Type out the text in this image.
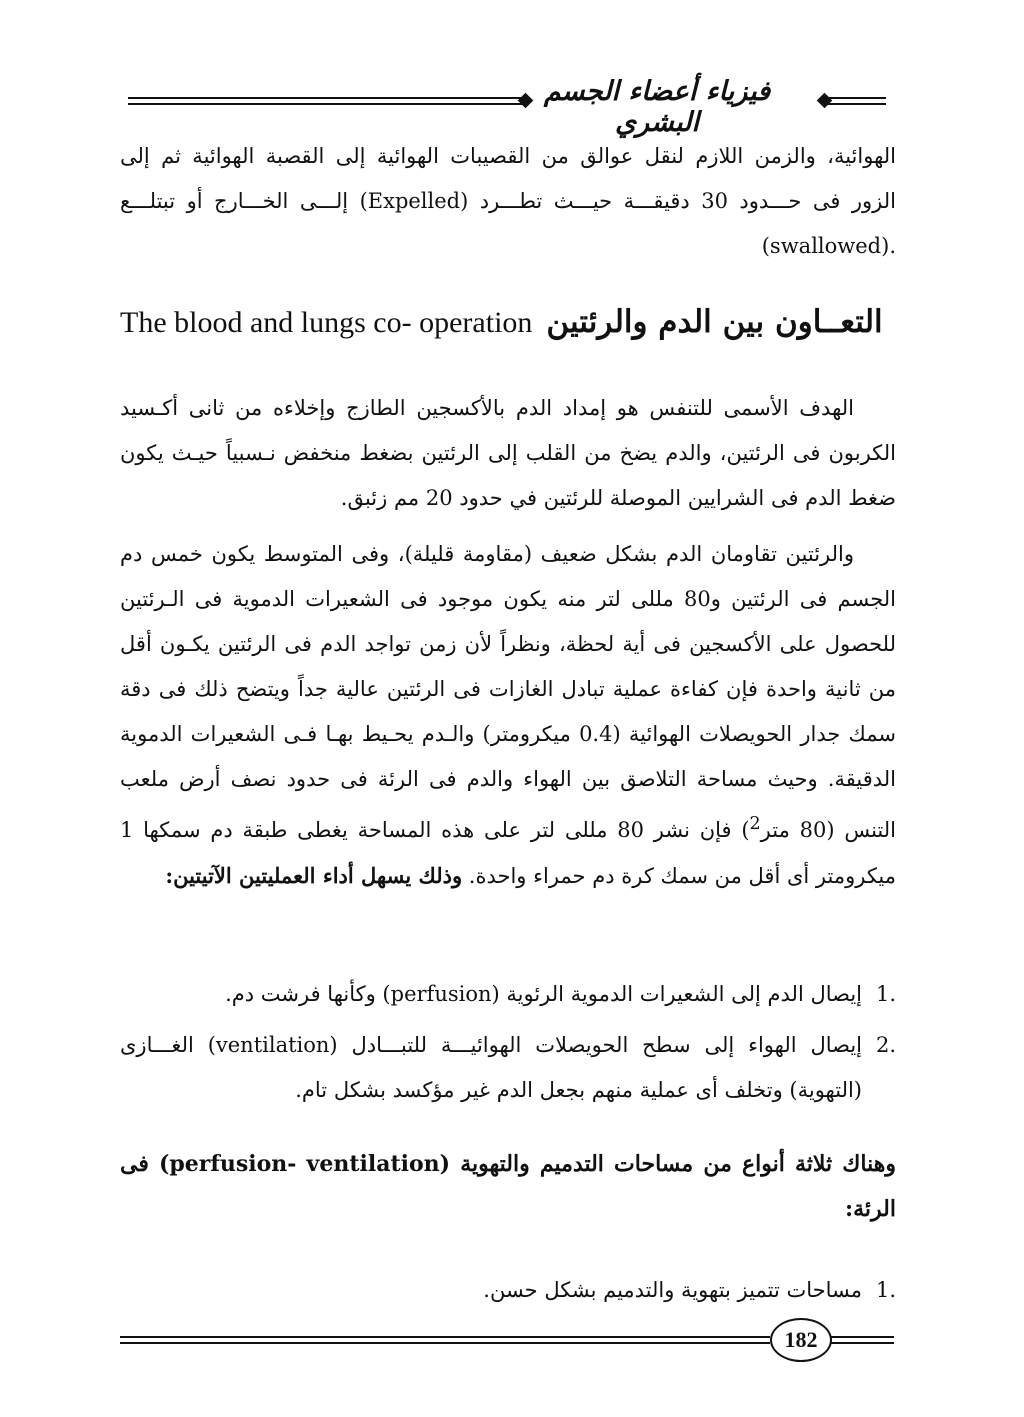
فيزياء أعضاء الجسم البشري

الهوائية، والزمن اللازم لنقل عوالق من القصيبات الهوائية إلى القصبة الهوائية ثم إلى

الزور فى حـــدود 30 دقيقـــة حيـــث تطـــرد (Expelled) إلـــى الخـــارج أو تبتلـــع

.(swallowed)

التعــاون بين الدم والرئتين
The blood and lungs co- operation

الهدف الأسمى للتنفس هو إمداد الدم بالأكسجين الطازج وإخلاءه من ثانى أكـسيد الكربون فى الرئتين، والدم يضخ من القلب إلى الرئتين بضغط منخفض نـسبياً حيـث يكون ضغط الدم فى الشرايين الموصلة للرئتين في حدود 20 مم زئبق.

والرئتين تقاومان الدم بشكل ضعيف (مقاومة قليلة)، وفى المتوسط يكون خمس دم الجسم فى الرئتين و80 مللى لتر منه يكون موجود فى الشعيرات الدموية فى الـرئتين للحصول على الأكسجين فى أية لحظة، ونظراً لأن زمن تواجد الدم فى الرئتين يكـون أقل من ثانية واحدة فإن كفاءة عملية تبادل الغازات فى الرئتين عالية جداً ويتضح ذلك فى دقة سمك جدار الحويصلات الهوائية (0.4 ميكرومتر) والـدم يحـيط بهـا فـى الشعيرات الدموية الدقيقة. وحيث مساحة التلاصق بين الهواء والدم فى الرئة فى حدود نصف أرض ملعب التنس (80 متر$^2$) فإن نشر 80 مللى لتر على هذه المساحة يغطى طبقة دم سمكها 1 ميكرومتر أى أقل من سمك كرة دم حمراء واحدة. وذلك يسهل أداء العمليتين الآتيتين:

.1
إيصال الدم إلى الشعيرات الدموية الرئوية (perfusion) وكأنها فرشت دم.
.2
إيصال الهواء إلى سطح الحويصلات الهوائيـــة للتبـــادل (ventilation) الغـــازى (التهوية) وتخلف أى عملية منهم بجعل الدم غير مؤكسد بشكل تام.

وهناك ثلاثة أنواع من مساحات التدميم والتهوية (perfusion- ventilation) فى الرئة:

.1
مساحات تتميز بتهوية والتدميم بشكل حسن.
182
